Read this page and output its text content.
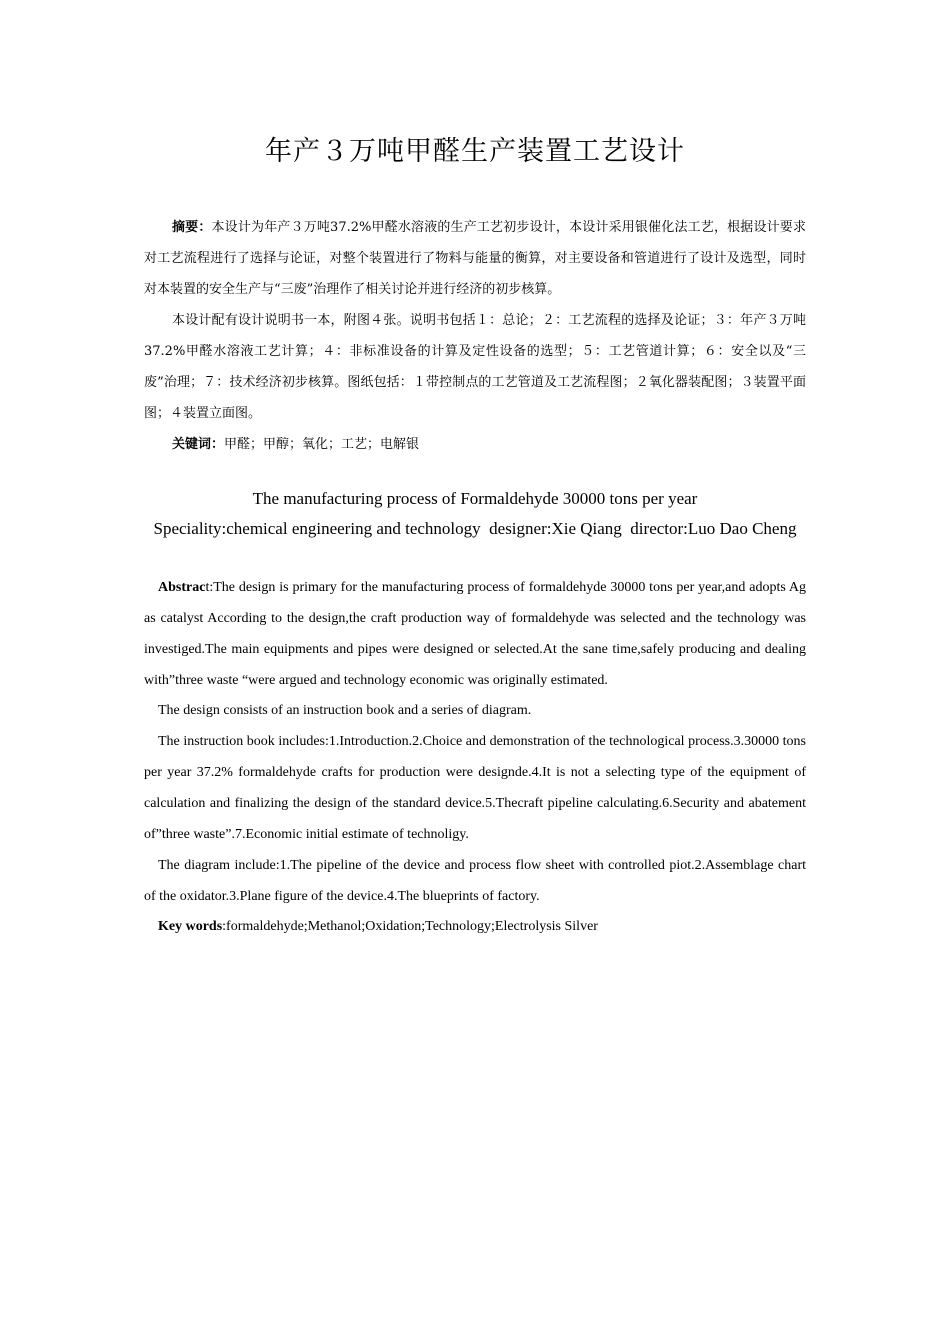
年产３万吨甲醛生产装置工艺设计

摘要：本设计为年产３万吨37.2%甲醛水溶液的生产工艺初步设计，本设计采用银催化法工艺，根据设计要求对工艺流程进行了选择与论证，对整个装置进行了物料与能量的衡算，对主要设备和管道进行了设计及选型，同时对本装置的安全生产与“三废”治理作了相关讨论并进行经济的初步核算。

本设计配有设计说明书一本，附图４张。说明书包括１：总论；２：工艺流程的选择及论证；３：年产３万吨37.2%甲醛水溶液工艺计算；４：非标准设备的计算及定性设备的选型；５：工艺管道计算；６：安全以及“三废”治理；７：技术经济初步核算。图纸包括：１带控制点的工艺管道及工艺流程图；２氧化器装配图；３装置平面图；４装置立面图。

关键词：甲醛；甲醇；氧化；工艺；电解银

The manufacturing process of Formaldehyde 30000 tons per year
Speciality:chemical engineering and technology  designer:Xie Qiang  director:Luo Dao Cheng

Abstract:The design is primary for the manufacturing process of formaldehyde 30000 tons per year,and adopts Ag as catalyst According to the design,the craft production way of formaldehyde was selected and the technology was investiged.The main equipments and pipes were designed or selected.At the sane time,safely producing and dealing with”three waste “were argued and technology economic was originally estimated.

The design consists of an instruction book and a series of diagram.

The instruction book includes:1.Introduction.2.Choice and demonstration of the technological process.3.30000 tons per year 37.2% formaldehyde crafts for production were designde.4.It is not a selecting type of the equipment of calculation and finalizing the design of the standard device.5.Thecraft pipeline calculating.6.Security and abatement of”three waste”.7.Economic initial estimate of technoligy.

The diagram include:1.The pipeline of the device and process flow sheet with controlled piot.2.Assemblage chart of the oxidator.3.Plane figure of the device.4.The blueprints of factory.

Key words:formaldehyde;Methanol;Oxidation;Technology;Electrolysis Silver
